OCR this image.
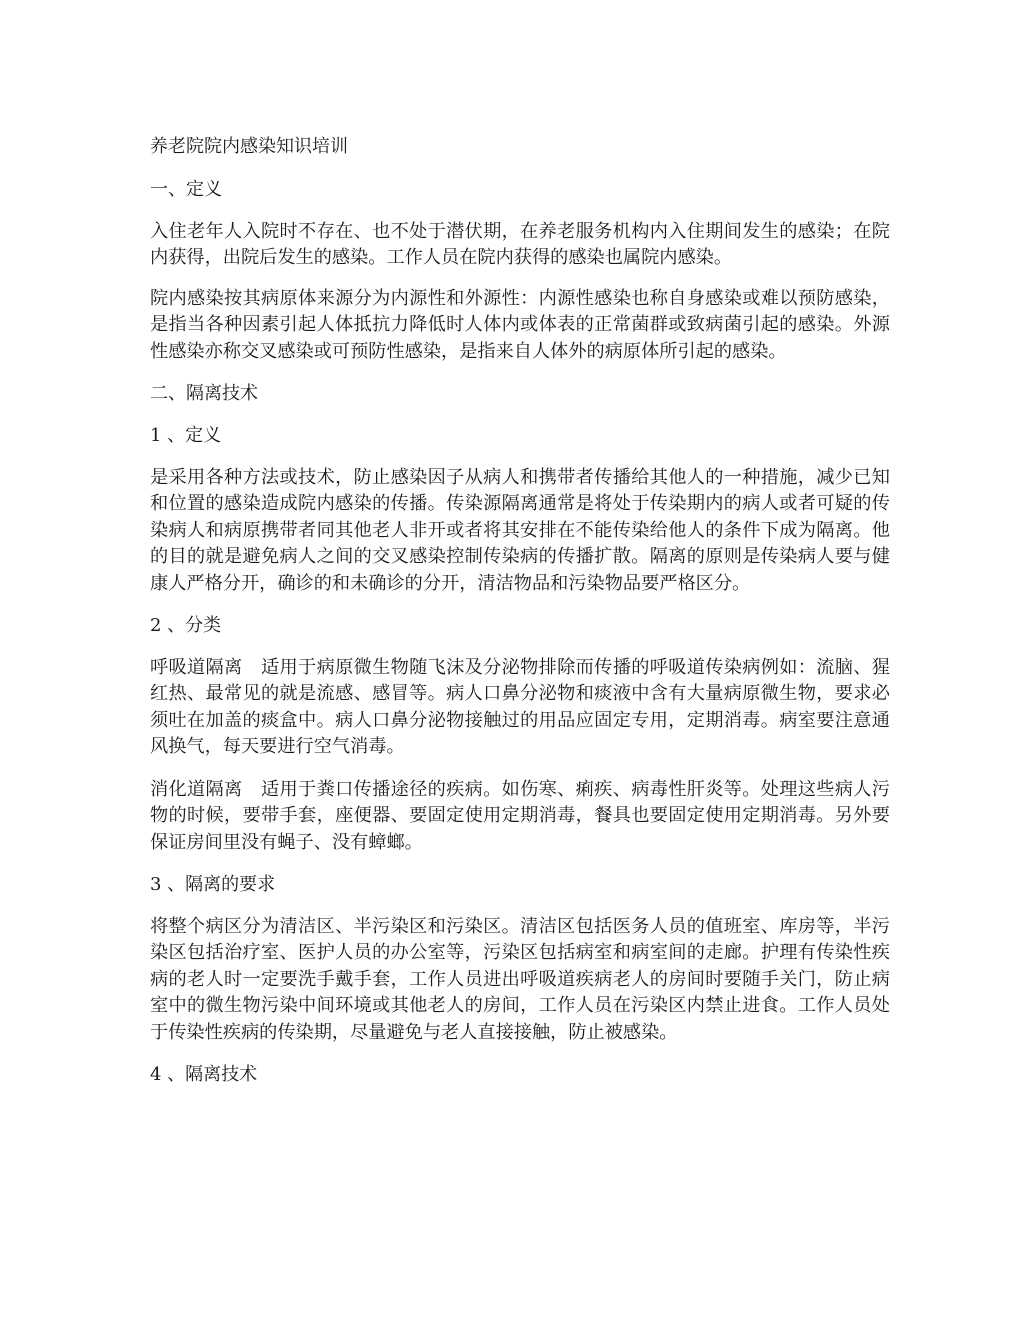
养老院院内感染知识培训
一、定义

入住老年人入院时不存在、也不处于潜伏期，在养老服务机构内入住期间发生的感染；在院内获得，出院后发生的感染。工作人员在院内获得的感染也属院内感染。

院内感染按其病原体来源分为内源性和外源性：内源性感染也称自身感染或难以预防感染，是指当各种因素引起人体抵抗力降低时人体内或体表的正常菌群或致病菌引起的感染。外源性感染亦称交叉感染或可预防性感染，是指来自人体外的病原体所引起的感染。

二、隔离技术
1 、定义

是采用各种方法或技术，防止感染因子从病人和携带者传播给其他人的一种措施，减少已知和位置的感染造成院内感染的传播。传染源隔离通常是将处于传染期内的病人或者可疑的传染病人和病原携带者同其他老人非开或者将其安排在不能传染给他人的条件下成为隔离。他的目的就是避免病人之间的交叉感染控制传染病的传播扩散。隔离的原则是传染病人要与健康人严格分开，确诊的和未确诊的分开，清洁物品和污染物品要严格区分。

2 、分类

呼吸道隔离　适用于病原微生物随飞沫及分泌物排除而传播的呼吸道传染病例如：流脑、猩红热、最常见的就是流感、感冒等。病人口鼻分泌物和痰液中含有大量病原微生物，要求必须吐在加盖的痰盒中。病人口鼻分泌物接触过的用品应固定专用，定期消毒。病室要注意通风换气，每天要进行空气消毒。

消化道隔离　适用于粪口传播途径的疾病。如伤寒、痢疾、病毒性肝炎等。处理这些病人污物的时候，要带手套，座便器、要固定使用定期消毒，餐具也要固定使用定期消毒。另外要保证房间里没有蝇子、没有蟑螂。

3 、隔离的要求

将整个病区分为清洁区、半污染区和污染区。清洁区包括医务人员的值班室、库房等，半污染区包括治疗室、医护人员的办公室等，污染区包括病室和病室间的走廊。护理有传染性疾病的老人时一定要洗手戴手套，工作人员进出呼吸道疾病老人的房间时要随手关门，防止病室中的微生物污染中间环境或其他老人的房间，工作人员在污染区内禁止进食。工作人员处于传染性疾病的传染期，尽量避免与老人直接接触，防止被感染。

4 、隔离技术
